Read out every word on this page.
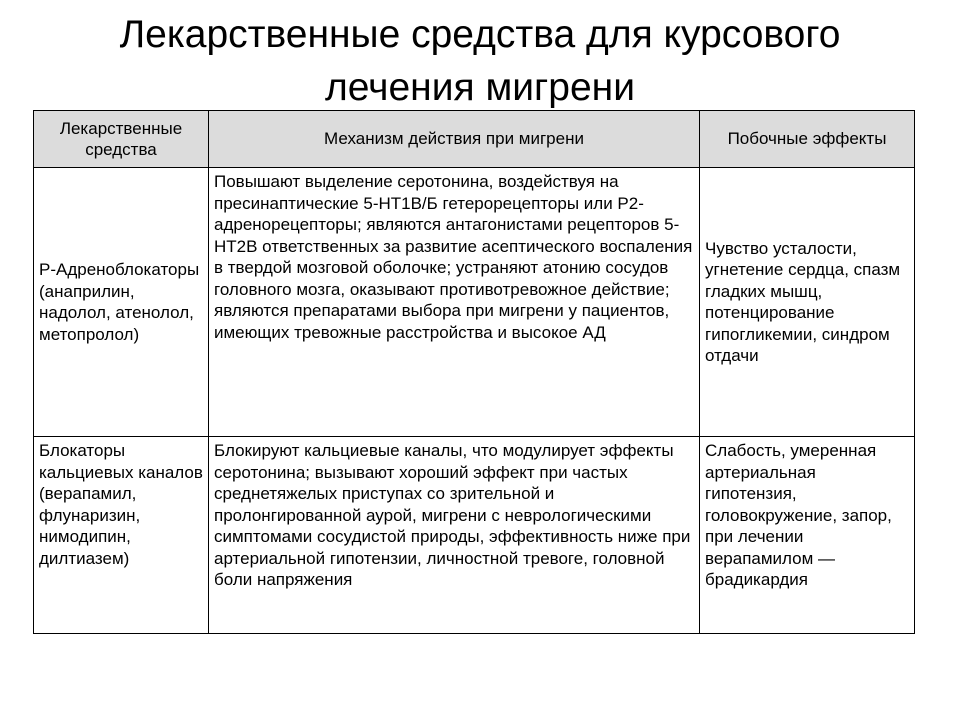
Лекарственные средства для курсового
лечения мигрени
Лекарственные средства	Механизм действия при мигрени	Побочные эффекты
Р-Адреноблокаторы (анаприлин, надолол, атенолол, метопролол)	Повышают выделение серотонина, воздействуя на пресинаптические 5-НТ1В/Б гетерорецепторы или Р2- адренорецепторы; являются антагонистами рецепторов 5-НТ2В ответственных за развитие асептического воспаления в твердой мозговой оболочке; устраняют атонию сосудов головного мозга, оказывают противотревожное действие; являются препаратами выбора при мигрени у пациентов, имеющих тревожные расстройства и высокое АД	Чувство усталости, угнетение сердца, спазм гладких мышц, потенцирование гипогликемии, синдром отдачи
Блокаторы кальциевых каналов (верапамил, флунаризин, нимодипин, дилтиазем)	Блокируют кальциевые каналы, что модулирует эффекты серотонина; вызывают хороший эффект при частых среднетяжелых приступах со зрительной и пролонгированной аурой, мигрени с неврологическими симптомами сосудистой природы, эффективность ниже при артериальной гипотензии, личностной тревоге, головной боли напряжения	Слабость, умеренная артериальная гипотензия, головокружение, запор, при лечении верапамилом — брадикардия
